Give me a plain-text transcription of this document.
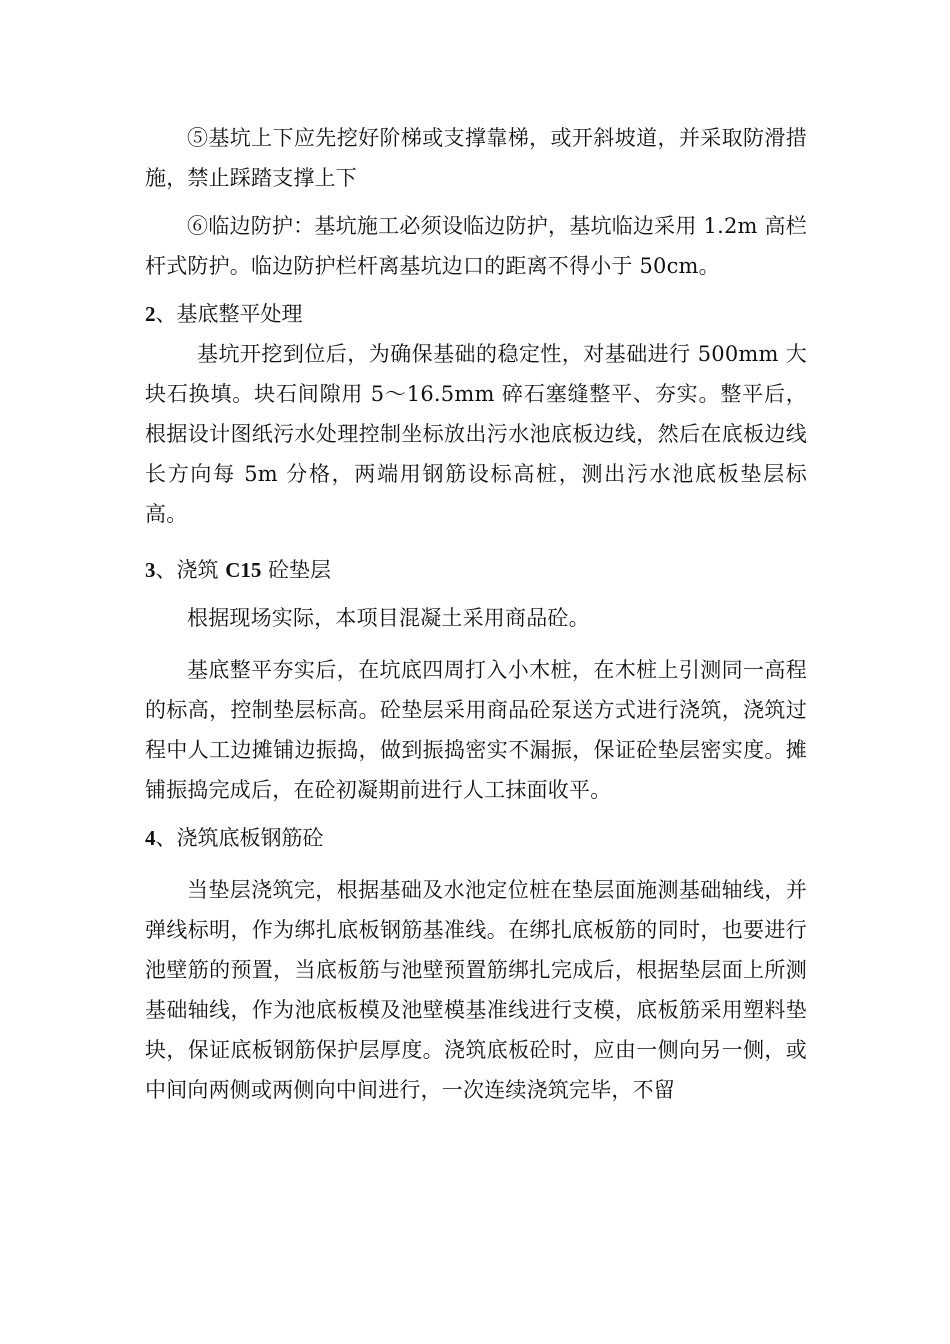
⑤基坑上下应先挖好阶梯或支撑靠梯，或开斜坡道，并采取防滑措施，禁止踩踏支撑上下

⑥临边防护：基坑施工必须设临边防护，基坑临边采用 1.2m 高栏杆式防护。临边防护栏杆离基坑边口的距离不得小于 50cm。

2、基底整平处理

基坑开挖到位后，为确保基础的稳定性，对基础进行 500mm 大块石换填。块石间隙用 5～16.5mm 碎石塞缝整平、夯实。整平后，根据设计图纸污水处理控制坐标放出污水池底板边线，然后在底板边线长方向每 5m 分格，两端用钢筋设标高桩，测出污水池底板垫层标高。

3、浇筑 C15 砼垫层

根据现场实际，本项目混凝土采用商品砼。

基底整平夯实后，在坑底四周打入小木桩，在木桩上引测同一高程的标高，控制垫层标高。砼垫层采用商品砼泵送方式进行浇筑，浇筑过程中人工边摊铺边振捣，做到振捣密实不漏振，保证砼垫层密实度。摊铺振捣完成后，在砼初凝期前进行人工抹面收平。

4、浇筑底板钢筋砼

当垫层浇筑完，根据基础及水池定位桩在垫层面施测基础轴线，并弹线标明，作为绑扎底板钢筋基准线。在绑扎底板筋的同时，也要进行池壁筋的预置，当底板筋与池壁预置筋绑扎完成后，根据垫层面上所测基础轴线，作为池底板模及池壁模基准线进行支模，底板筋采用塑料垫块，保证底板钢筋保护层厚度。浇筑底板砼时，应由一侧向另一侧，或中间向两侧或两侧向中间进行，一次连续浇筑完毕，不留
